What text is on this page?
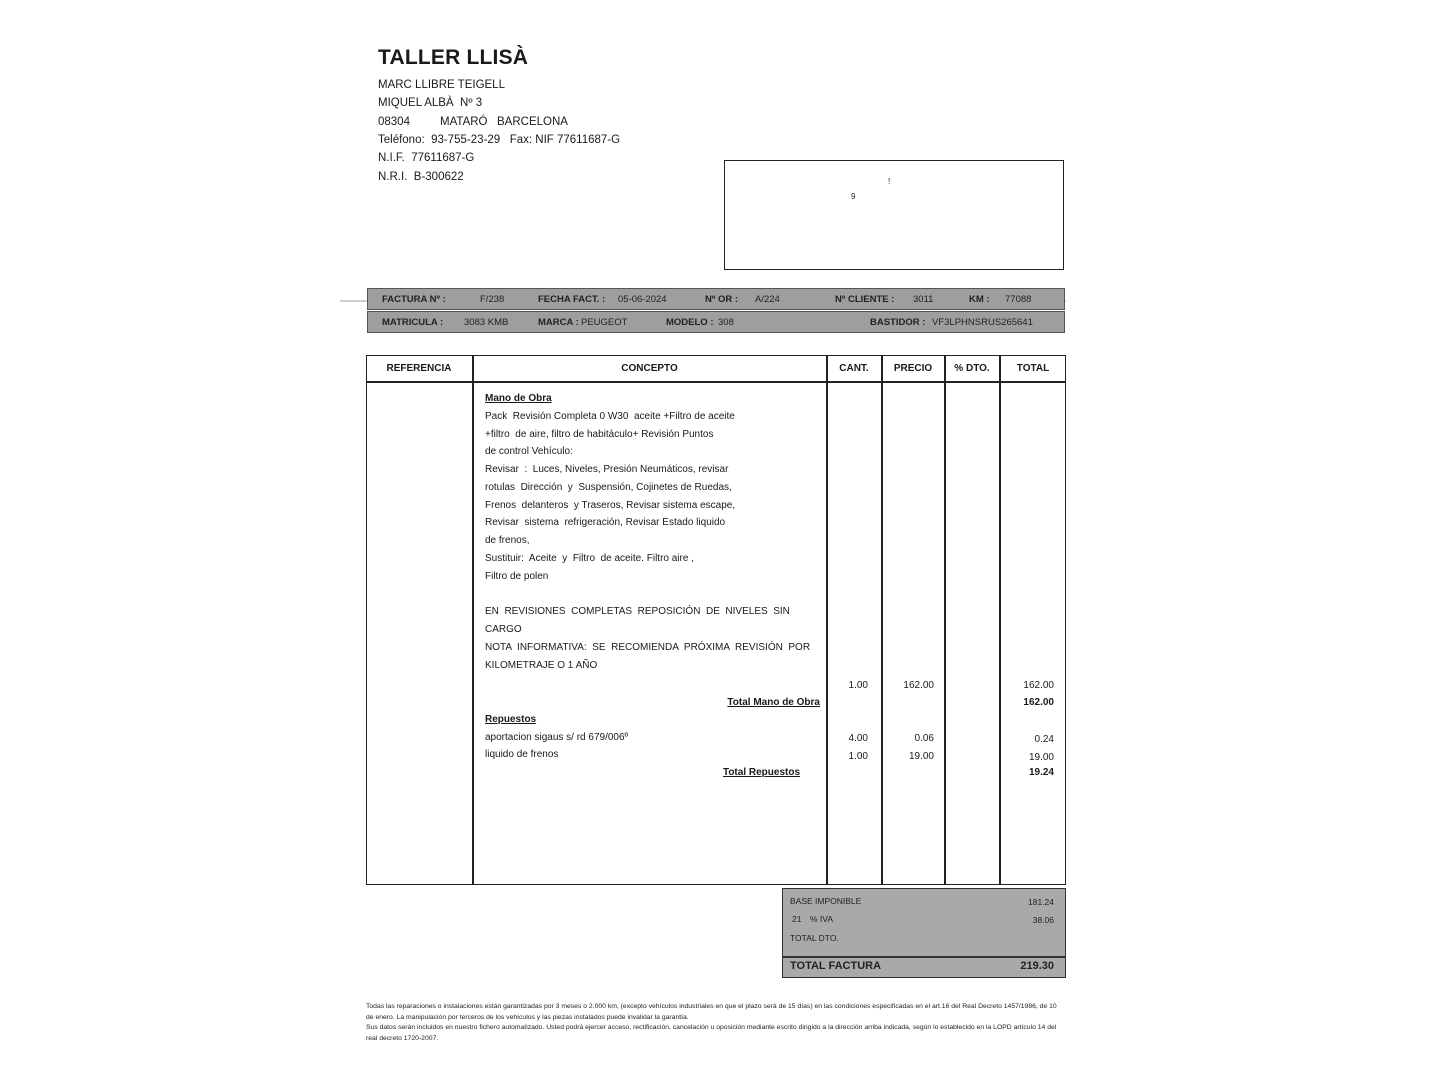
TALLER LLISÀ
MARC LLIBRE TEIGELL
MIQUEL ALBÀ  Nº 3
08304	MATARÓ BARCELONA
Teléfono:  93-755-23-29   Fax: NIF 77611687-G
N.I.F.  77611687-G
N.R.I.  B-300622	!
9
FACTURA Nº :	F/238	FECHA FACT. : 05-06-2024	Nº OR : A/224	Nº CLIENTE : 3011	KM : 77088
MATRICULA : 3083 KMB	MARCA : PEUGEOT	MODELO : 308	BASTIDOR : VF3LPHNSRUS265641
REFERENCIA	CONCEPTO	CANT.	PRECIO	% DTO.	TOTAL
Mano de Obra
Pack  Revisión Completa 0 W30  aceite +Filtro de aceite
+filtro  de aire, filtro de habitáculo+ Revisión Puntos
de control Vehículo:
Revisar  :  Luces, Niveles, Presión Neumáticos, revisar
rotulas  Dirección  y  Suspensión, Cojinetes de Ruedas,
Frenos  delanteros  y Traseros, Revisar sistema escape,
Revisar  sistema  refrigeración, Revisar Estado liquido
de frenos,
Sustituir:  Aceite  y  Filtro  de aceite. Filtro aire ,
Filtro de polen
EN  REVISIONES  COMPLETAS  REPOSICIÓN  DE  NIVELES  SIN
CARGO
NOTA  INFORMATIVA:  SE  RECOMIENDA  PRÓXIMA  REVISIÓN  POR
KILOMETRAJE O 1 AÑO
1.00	162.00	162.00
Total Mano de Obra	162.00
Repuestos
aportacion sigaus s/ rd 679/006º	4.00	0.06	0.24
liquido de frenos	1.00	19.00	19.00
Total Repuestos	19.24
BASE IMPONIBLE	181.24
21 % IVA	38.06
TOTAL DTO.
TOTAL FACTURA	219.30
Todas las reparaciones o instalaciones están garantizadas por 3 meses o 2.000 km, (excepto vehículos industriales en que el plazo será de 15 días) en las condiciones especificadas en el art.16 del Real Decreto 1457/1986, de 10 de enero. La manipulación por terceros de los vehículos y las piezas instalados puede invalidar la garantía.
Sus datos serán incluidos en nuestro fichero automatizado. Usted podrá ejercer acceso, rectificación, cancelación u oposición mediante escrito dirigido a la dirección arriba indicada, según lo establecido en la LOPD artículo 14 del real decreto 1720-2007.
